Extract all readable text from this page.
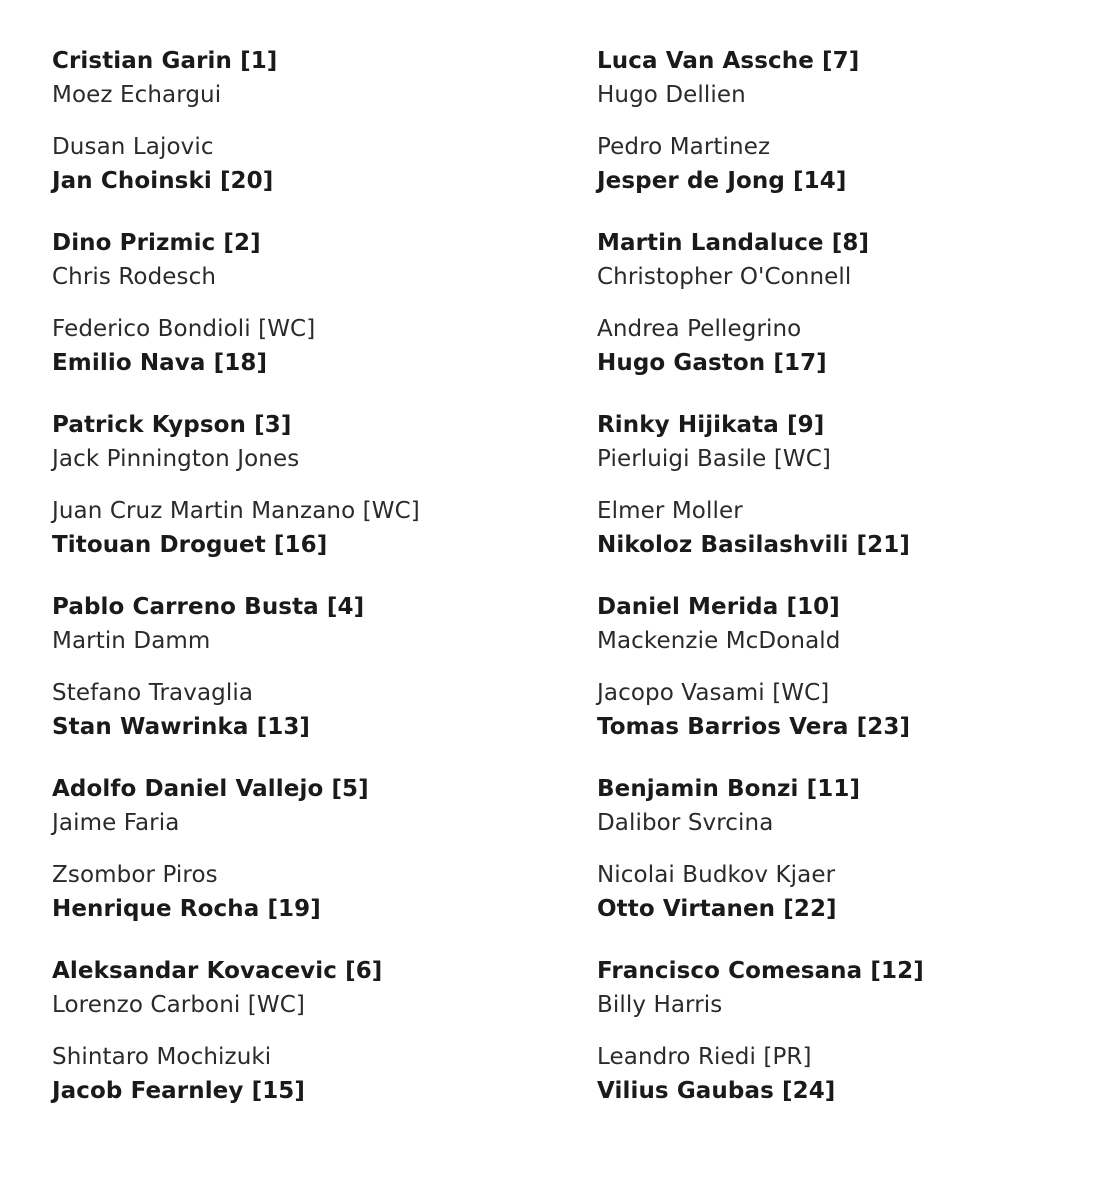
Cristian Garin [1]
Moez Echargui
Dusan Lajovic
Jan Choinski [20]
Dino Prizmic [2]
Chris Rodesch
Federico Bondioli [WC]
Emilio Nava [18]
Patrick Kypson [3]
Jack Pinnington Jones
Juan Cruz Martin Manzano [WC]
Titouan Droguet [16]
Pablo Carreno Busta [4]
Martin Damm
Stefano Travaglia
Stan Wawrinka [13]
Adolfo Daniel Vallejo [5]
Jaime Faria
Zsombor Piros
Henrique Rocha [19]
Aleksandar Kovacevic [6]
Lorenzo Carboni [WC]
Shintaro Mochizuki
Jacob Fearnley [15]
Luca Van Assche [7]
Hugo Dellien
Pedro Martinez
Jesper de Jong [14]
Martin Landaluce [8]
Christopher O'Connell
Andrea Pellegrino
Hugo Gaston [17]
Rinky Hijikata [9]
Pierluigi Basile [WC]
Elmer Moller
Nikoloz Basilashvili [21]
Daniel Merida [10]
Mackenzie McDonald
Jacopo Vasami [WC]
Tomas Barrios Vera [23]
Benjamin Bonzi [11]
Dalibor Svrcina
Nicolai Budkov Kjaer
Otto Virtanen [22]
Francisco Comesana [12]
Billy Harris
Leandro Riedi [PR]
Vilius Gaubas [24]
